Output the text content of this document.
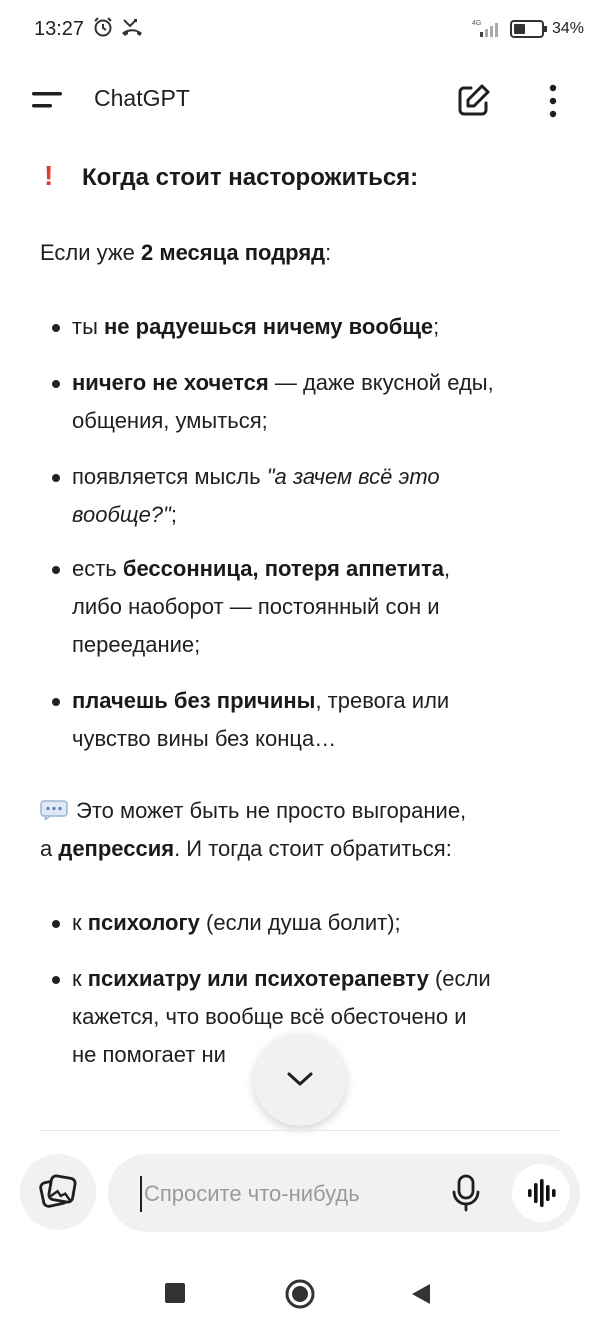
13:27	4G	34%
ChatGPT
! Когда стоит насторожиться:
Если уже 2 месяца подряд:
ты не радуешься ничему вообще;
ничего не хочется — даже вкусной еды,
общения, умыться;
появляется мысль "а зачем всё это
вообще?";
есть бессонница, потеря аппетита,
либо наоборот — постоянный сон и
переедание;
плачешь без причины, тревога или
чувство вины без конца…
Это может быть не просто выгорание,
а депрессия. И тогда стоит обратиться:
к психологу (если душа болит);
к психиатру или психотерапевту (если
кажется, что вообще всё обесточено и
не помогает ни
Спросите что-нибудь
